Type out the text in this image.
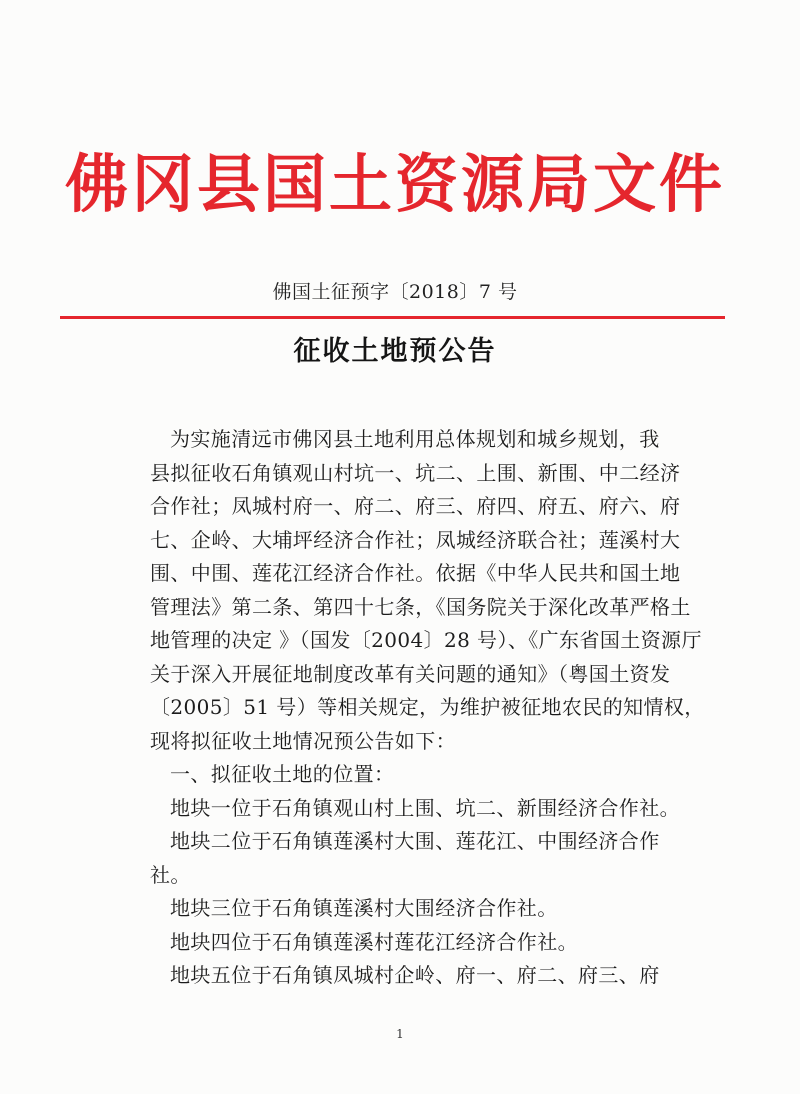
佛冈县国土资源局文件
佛国土征预字〔2018〕7 号
征收土地预公告
为实施清远市佛冈县土地利用总体规划和城乡规划，我
县拟征收石角镇观山村坑一、坑二、上围、新围、中二经济
合作社；凤城村府一、府二、府三、府四、府五、府六、府
七、企岭、大埔坪经济合作社；凤城经济联合社；莲溪村大
围、中围、莲花江经济合作社。依据《中华人民共和国土地
管理法》第二条、第四十七条，《国务院关于深化改革严格土
地管理的决定 》（国发〔2004〕28 号）、《广东省国土资源厅
关于深入开展征地制度改革有关问题的通知》（粤国土资发
〔2005〕51 号）等相关规定，为维护被征地农民的知情权，
现将拟征收土地情况预公告如下：
一、拟征收土地的位置：
地块一位于石角镇观山村上围、坑二、新围经济合作社。
地块二位于石角镇莲溪村大围、莲花江、中围经济合作
社。
地块三位于石角镇莲溪村大围经济合作社。
地块四位于石角镇莲溪村莲花江经济合作社。
地块五位于石角镇凤城村企岭、府一、府二、府三、府
1
